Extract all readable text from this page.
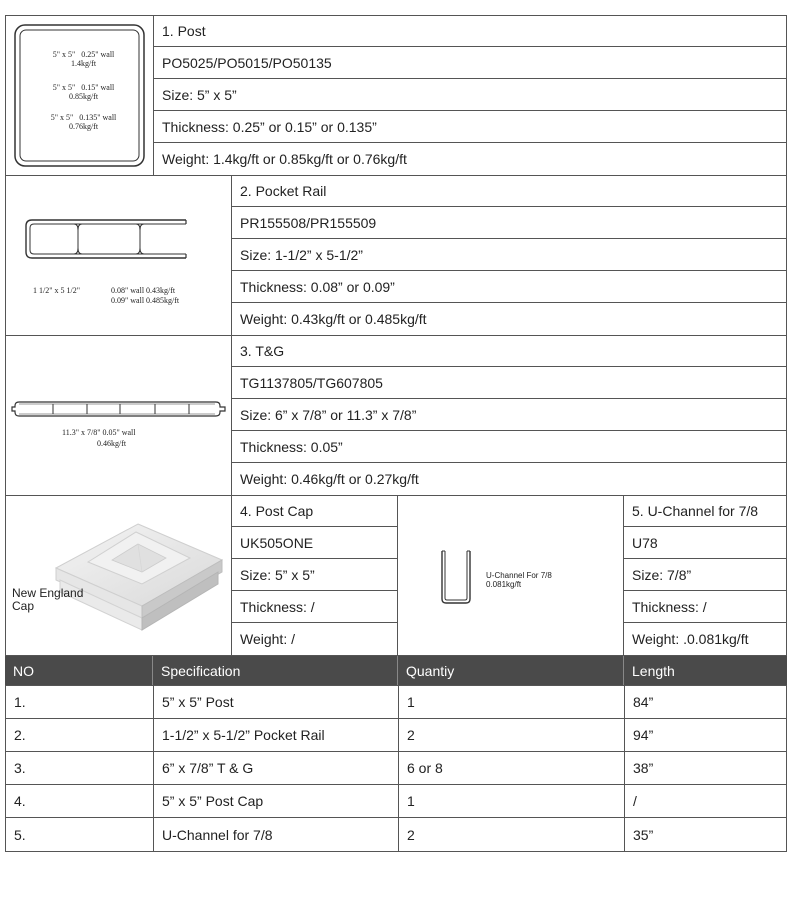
5" x 5" 0.25" wall
1.4kg/ft
5" x 5" 0.15" wall
0.85kg/ft
5" x 5" 0.135" wall
0.76kg/ft
1. Post
PO5025/PO5015/PO50135
Size: 5” x 5”
Thickness: 0.25” or 0.15” or 0.135”
Weight: 1.4kg/ft or 0.85kg/ft or 0.76kg/ft
1 1/2" x 5 1/2"	0.08" wall 0.43kg/ft
0.09" wall 0.485kg/ft
2. Pocket Rail
PR155508/PR155509
Size: 1-1/2” x 5-1/2”
Thickness: 0.08” or 0.09”
Weight: 0.43kg/ft or 0.485kg/ft
11.3" x 7/8" 0.05" wall
0.46kg/ft
3. T&G
TG1137805/TG607805
Size: 6” x 7/8” or 11.3” x 7/8”
Thickness: 0.05”
Weight: 0.46kg/ft or 0.27kg/ft
New England
Cap
4. Post Cap
UK505ONE
Size: 5” x 5”
Thickness: /
Weight: /
U-Channel For 7/8
0.081kg/ft
5. U-Channel for 7/8
U78
Size: 7/8”
Thickness: /
Weight: .0.081kg/ft
NO	Specification	Quantiy	Length
1.	5” x 5” Post	1	84”
2.	1-1/2” x 5-1/2” Pocket Rail	2	94”
3.	6” x 7/8” T & G	6 or 8	38”
4.	5” x 5” Post Cap	1	/
5.	U-Channel for 7/8	2	35”
